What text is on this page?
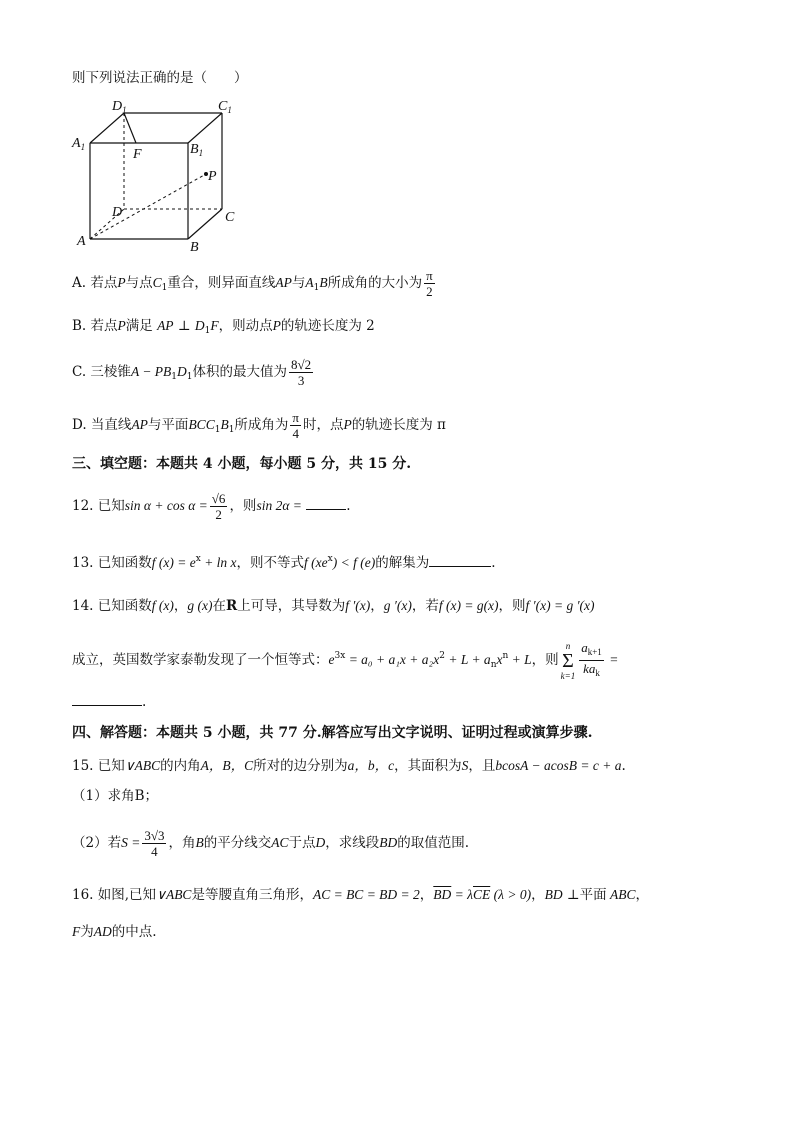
则下列说法正确的是（　　）
$D_1$	$C_1$
$A_1$	$B_1$
F
P
D	C
A	B
A. 若点P与点$C_1$重合，则异面直线AP与$A_1B$所成角的大小为 $\frac{\pi}{2}$
B. 若点P满足 AP ⊥ $D_1F$，则动点P的轨迹长度为 2
C. 三棱锥$A - PB_1D_1$体积的最大值为 $\frac{8√2}{3}$
D. 当直线AP与平面$BCC_1B_1$所成角为 $\frac{\pi}{4}$ 时，点P的轨迹长度为 π
三、填空题：本题共 4 小题，每小题 5 分，共 15 分.
12. 已知$\sin \alpha + \cos \alpha = \frac{√6}{2}$ ，则sin 2α =	.
13. 已知函数f $(x) = e^x + \ln x$，则不等式f $(xe^x) < f$ (e)的解集为	.
14. 已知函数f (x)，g (x)在R上可导，其导数为f ′(x)，g ′(x)，若f (x) = g(x)，则f ′(x) = g ′(x)
成立，英国数学家泰勒发现了一个恒等式：$e^{3x} = a_0 + a_1x + a_2x^2 + L + a_nx^n + L$，则
n
Σ
$k=1 \frac{a_{k+1}}{ka_k}$ =
.
四、解答题：本题共 5 小题，共 77 分.解答应写出文字说明、证明过程或演算步骤.
15. 已知∨ABC的内角A，B，C所对的边分别为a，b，c，其面积为S，且bcosA − acosB = c + a.
（1）求角B；
（2）若$S = \frac{3√3}{4}$ ，角B的平分线交AC于点D，求线段BD的取值范围.
16. 如图,已知∨ABC是等腰直角三角形，AC = BC = BD = 2，$\overline{BD} = \lambda\overline{CE}$ (λ > 0)，BD ⊥平面 ABC，
F为AD的中点.
